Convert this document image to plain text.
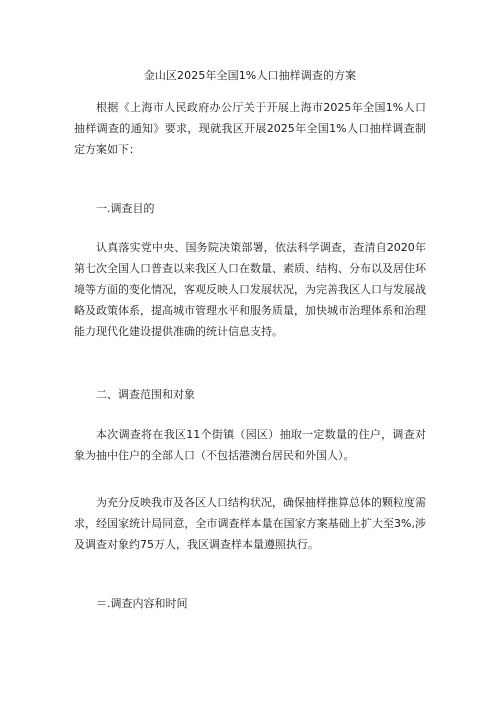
金山区2025年全国1%人口抽样调查的方案
根据《上海市人民政府办公厅关于开展上海市2025年全国1%人口抽样调查的通知》要求，现就我区开展2025年全国1%人口抽样调查制定方案如下：
一.调查目的
认真落实党中央、国务院决策部署，依法科学调查，查清自2020年第七次全国人口普查以来我区人口在数量、素质、结构、分布以及居住环境等方面的变化情况，客观反映人口发展状况，为完善我区人口与发展战略及政策体系，提高城市管理水平和服务质量，加快城市治理体系和治理能力现代化建设提供准确的统计信息支持。
二、调查范围和对象
本次调查将在我区11个街镇（园区）抽取一定数量的住户，调查对象为抽中住户的全部人口（不包括港澳台居民和外国人）。
为充分反映我市及各区人口结构状况，确保抽样推算总体的颗粒度需求，经国家统计局同意，全市调查样本量在国家方案基础上扩大至3%,涉及调查对象约75万人，我区调查样本量遵照执行。
＝.调查内容和时间
